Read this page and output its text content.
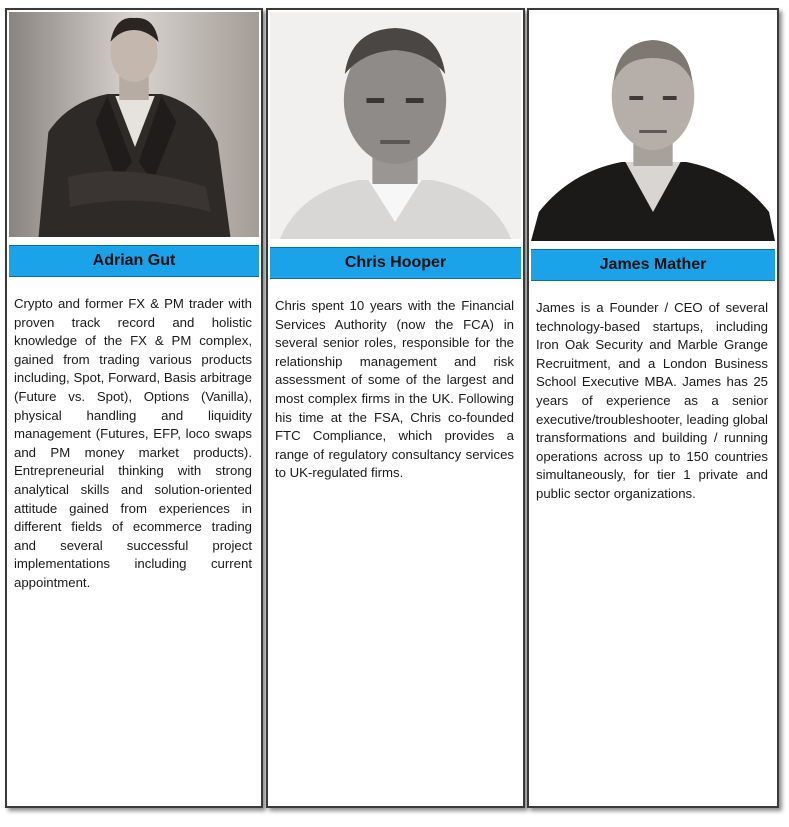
Adrian Gut

Crypto and former FX & PM trader with proven track record and holistic knowledge of the FX & PM complex, gained from trading various products including, Spot, Forward, Basis arbitrage (Future vs. Spot), Options (Vanilla), physical handling and liquidity management (Futures, EFP, loco swaps and PM money market products). Entrepreneurial thinking with strong analytical skills and solution-oriented attitude gained from experiences in different fields of ecommerce trading and several successful project implementations including current appointment.

Chris Hooper

Chris spent 10 years with the Financial Services Authority (now the FCA) in several senior roles, responsible for the relationship management and risk assessment of some of the largest and most complex firms in the UK. Following his time at the FSA, Chris co-founded FTC Compliance, which provides a range of regulatory consultancy services to UK-regulated firms.

James Mather

James is a Founder / CEO of several technology-based startups, including Iron Oak Security and Marble Grange Recruitment, and a London Business School Executive MBA. James has 25 years of experience as a senior executive/troubleshooter, leading global transformations and building / running operations across up to 150 countries simultaneously, for tier 1 private and public sector organizations.
